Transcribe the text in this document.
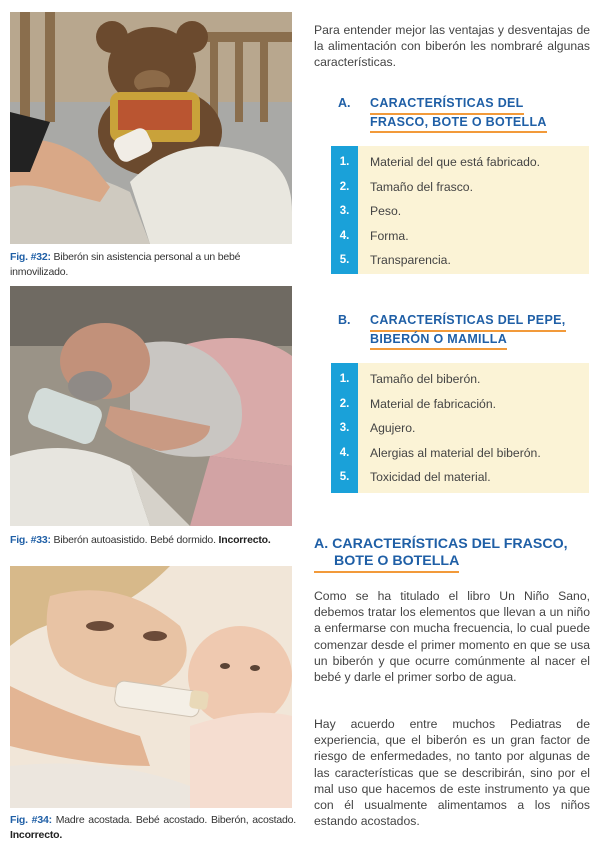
Fig. #32: Biberón sin asistencia personal a un bebé inmovilizado.
Fig. #33: Biberón autoasistido. Bebé dormido. Incorrecto.
Fig. #34: Madre acostada. Bebé acostado. Biberón, acostado. Incorrecto.

Para entender mejor las ventajas y desventajas de la alimentación con biberón les nombraré algunas características.

A. CARACTERÍSTICAS DEL
FRASCO, BOTE O BOTELLA
1.	Material del que está fabricado.
2.	Tamaño del frasco.
3.	Peso.
4.	Forma.
5.	Transparencia.
B. CARACTERÍSTICAS DEL PEPE,
BIBERÓN O MAMILLA
1.	Tamaño del biberón.
2.	Material de fabricación.
3.	Agujero.
4.	Alergias al material del biberón.
5.	Toxicidad del material.
A. CARACTERÍSTICAS DEL FRASCO,
BOTE O BOTELLA

Como se ha titulado el libro Un Niño Sano, debemos tratar los elementos que llevan a un niño a enfermarse con mucha frecuencia, lo cual puede comenzar desde el primer momento en que se usa un biberón y que ocurre comúnmente al nacer el bebé y darle el primer sorbo de agua.

Hay acuerdo entre muchos Pediatras de experiencia, que el biberón es un gran factor de riesgo de enfermedades, no tanto por algunas de las características que se describirán, sino por el mal uso que hacemos de este instrumento ya que con él usualmente alimentamos a los niños estando acostados.
